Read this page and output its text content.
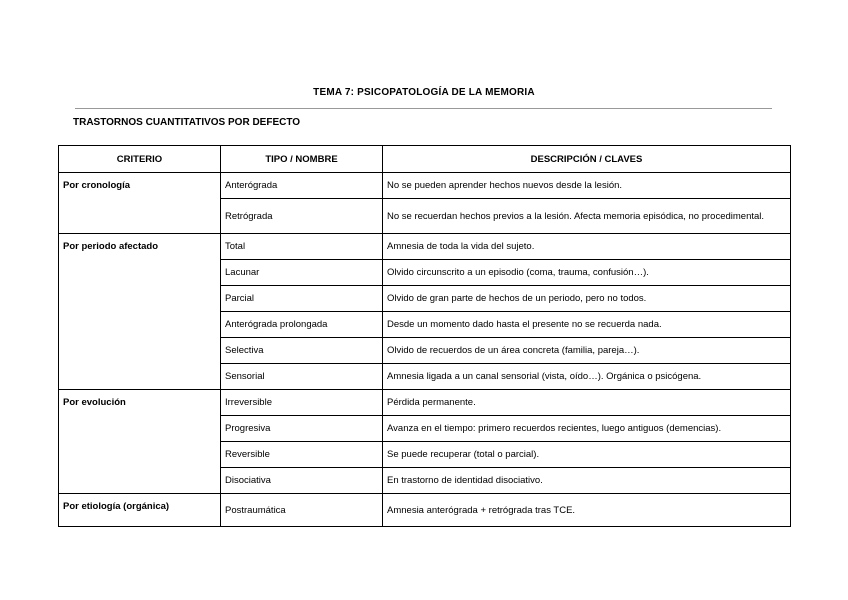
TEMA 7: PSICOPATOLOGÍA DE LA MEMORIA
TRASTORNOS CUANTITATIVOS POR DEFECTO
CRITERIO	TIPO / NOMBRE	DESCRIPCIÓN / CLAVES
Por cronología	Anterógrada	No se pueden aprender hechos nuevos desde la lesión.
	Retrógrada	No se recuerdan hechos previos a la lesión. Afecta memoria episódica, no procedimental.
Por periodo afectado	Total	Amnesia de toda la vida del sujeto.
	Lacunar	Olvido circunscrito a un episodio (coma, trauma, confusión…).
	Parcial	Olvido de gran parte de hechos de un periodo, pero no todos.
	Anterógrada prolongada	Desde un momento dado hasta el presente no se recuerda nada.
	Selectiva	Olvido de recuerdos de un área concreta (familia, pareja…).
	Sensorial	Amnesia ligada a un canal sensorial (vista, oído…). Orgánica o psicógena.
Por evolución	Irreversible	Pérdida permanente.
	Progresiva	Avanza en el tiempo: primero recuerdos recientes, luego antiguos (demencias).
	Reversible	Se puede recuperar (total o parcial).
	Disociativa	En trastorno de identidad disociativo.
Por etiología (orgánica)	Postraumática	Amnesia anterógrada + retrógrada tras TCE.
